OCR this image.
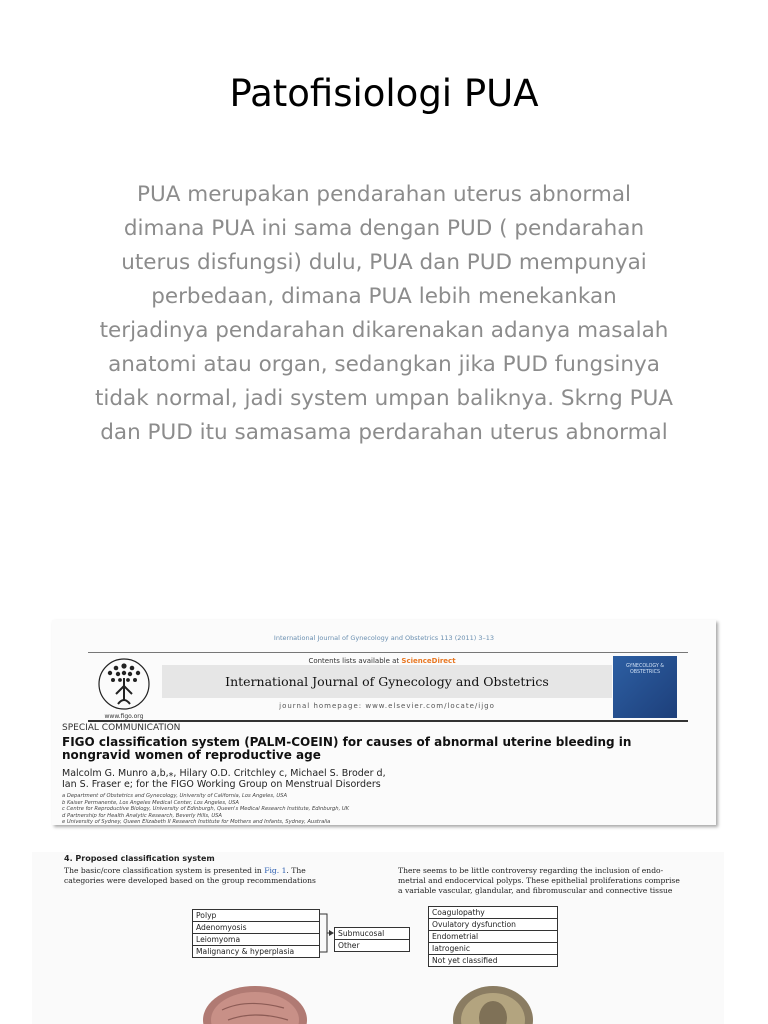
Patofisiologi PUA
PUA merupakan pendarahan uterus abnormal
dimana PUA ini sama dengan PUD ( pendarahan
uterus disfungsi) dulu, PUA dan PUD mempunyai
perbedaan, dimana PUA lebih menekankan
terjadinya pendarahan dikarenakan adanya masalah
anatomi atau organ, sedangkan jika PUD fungsinya
tidak normal, jadi system umpan baliknya. Skrng PUA
dan PUD itu samasama perdarahan uterus abnormal
International Journal of Gynecology and Obstetrics 113 (2011) 3–13
www.figo.org
Contents lists available at ScienceDirect
International Journal of Gynecology and Obstetrics
journal homepage: www.elsevier.com/locate/ijgo
GYNECOLOGY & OBSTETRICS
SPECIAL COMMUNICATION
FIGO classification system (PALM-COEIN) for causes of abnormal uterine bleeding in
nongravid women of reproductive age
Malcolm G. Munro a,b,⁎, Hilary O.D. Critchley c, Michael S. Broder d,
Ian S. Fraser e; for the FIGO Working Group on Menstrual Disorders
a Department of Obstetrics and Gynecology, University of California, Los Angeles, USA
b Kaiser Permanente, Los Angeles Medical Center, Los Angeles, USA
c Centre for Reproductive Biology, University of Edinburgh, Queen's Medical Research Institute, Edinburgh, UK
d Partnership for Health Analytic Research, Beverly Hills, USA
e University of Sydney, Queen Elizabeth II Research Institute for Mothers and Infants, Sydney, Australia
4. Proposed classification system
The basic/core classification system is presented in Fig. 1. The
categories were developed based on the group recommendations
There seems to be little controversy regarding the inclusion of endo-
metrial and endocervical polyps. These epithelial proliferations comprise
a variable vascular, glandular, and fibromuscular and connective tissue
Polyp
Adenomyosis
Leiomyoma
Malignancy & hyperplasia
Submucosal
Other
Coagulopathy
Ovulatory dysfunction
Endometrial
Iatrogenic
Not yet classified
